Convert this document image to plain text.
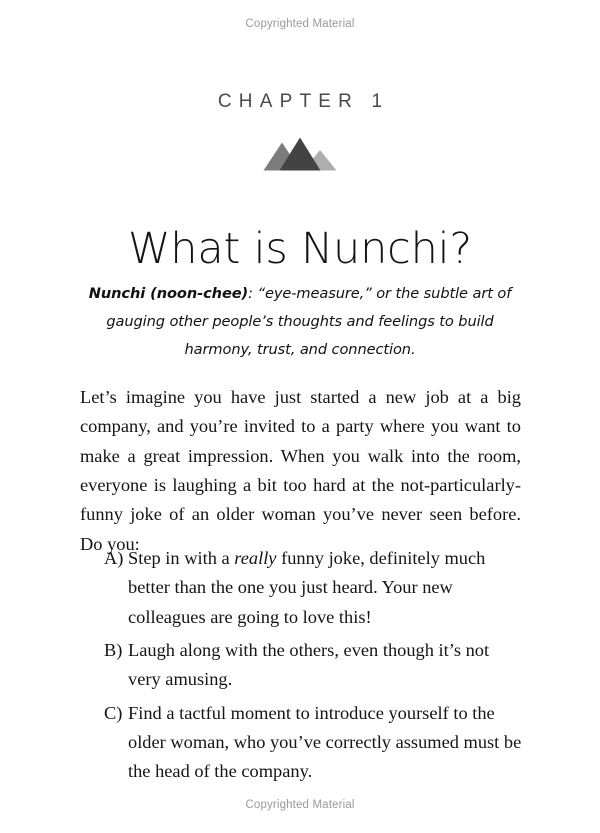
Copyrighted Material
CHAPTER 1
What is Nunchi?
Nunchi (noon-chee): “eye-measure,” or the subtle art of gauging other people’s thoughts and feelings to build harmony, trust, and connection.

Let’s imagine you have just started a new job at a big company, and you’re invited to a party where you want to make a great impression. When you walk into the room, everyone is laughing a bit too hard at the not-particularly-funny joke of an older woman you’ve never seen before. Do you:

A) Step in with a really funny joke, definitely much better than the one you just heard. Your new colleagues are going to love this!
B) Laugh along with the others, even though it’s not very amusing.
C) Find a tactful moment to introduce yourself to the older woman, who you’ve correctly assumed must be the head of the company.
Copyrighted Material
